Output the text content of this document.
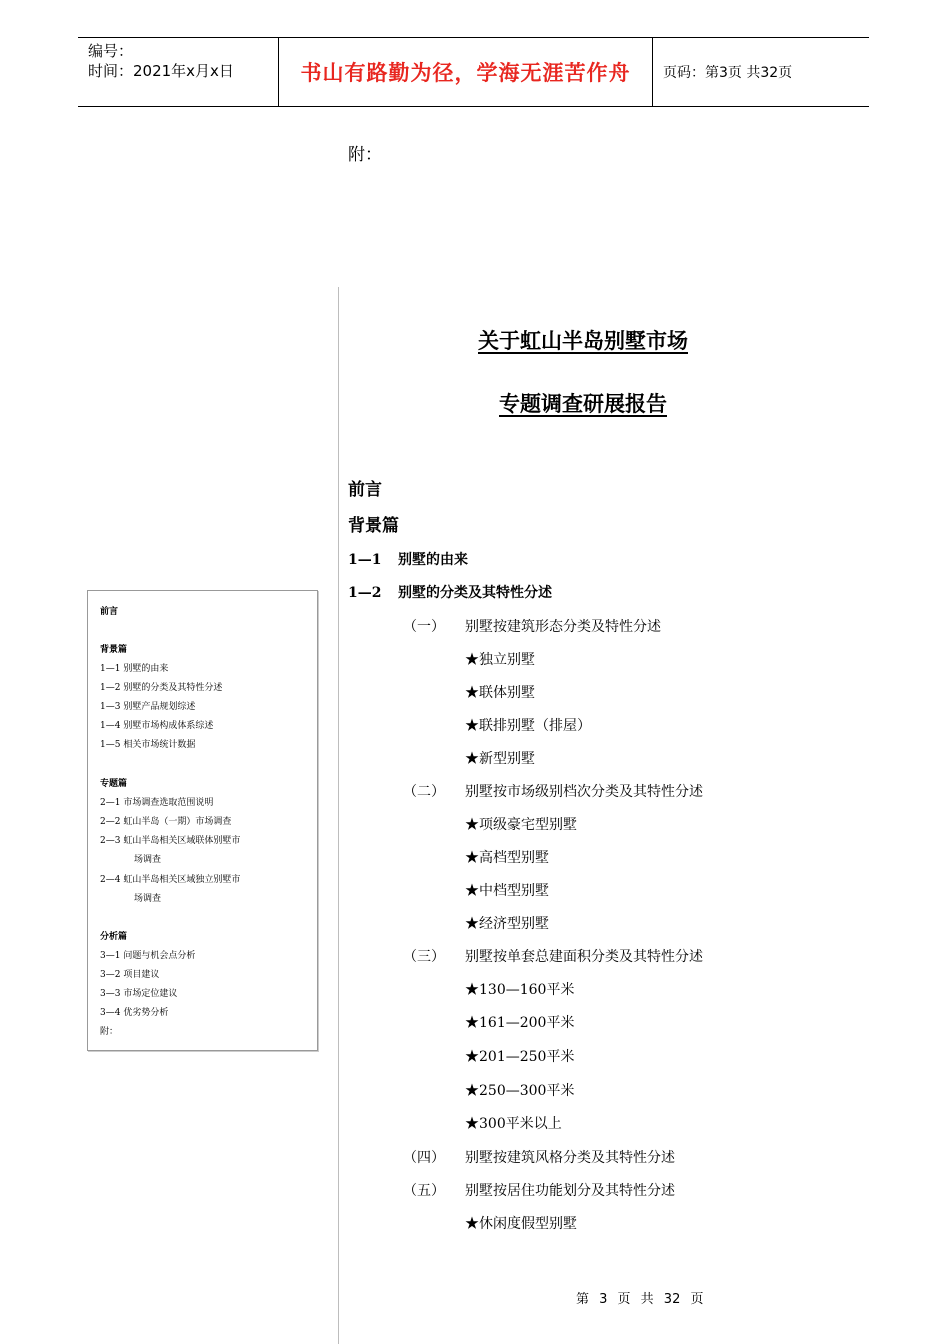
编号：
时间：2021年x月x日	书山有路勤为径，学海无涯苦作舟	页码：第3页 共32页
附：
关于虹山半岛别墅市场
专题调查研展报告
前言
背景篇
1—1 别墅的由来
1—2 别墅的分类及其特性分述
（一） 别墅按建筑形态分类及特性分述
★独立别墅
★联体别墅
★联排别墅（排屋）
★新型别墅
（二） 别墅按市场级别档次分类及其特性分述
★项级豪宅型别墅
★高档型别墅
★中档型别墅
★经济型别墅
（三） 别墅按单套总建面积分类及其特性分述
★130—160平米
★161—200平米
★201—250平米
★250—300平米
★300平米以上
（四） 别墅按建筑风格分类及其特性分述
（五） 别墅按居住功能划分及其特性分述
★休闲度假型别墅
前言
背景篇
1—1 别墅的由来
1—2 别墅的分类及其特性分述
1—3 别墅产品规划综述
1—4 别墅市场构成体系综述
1—5 相关市场统计数据
专题篇
2—1 市场调查选取范围说明
2—2 虹山半岛（一期）市场调查
2—3 虹山半岛相关区域联体别墅市
场调查
2—4 虹山半岛相关区域独立别墅市
场调查
分析篇
3—1 问题与机会点分析
3—2 项目建议
3—3 市场定位建议
3—4 优劣势分析
附：
第 3 页 共 32 页
